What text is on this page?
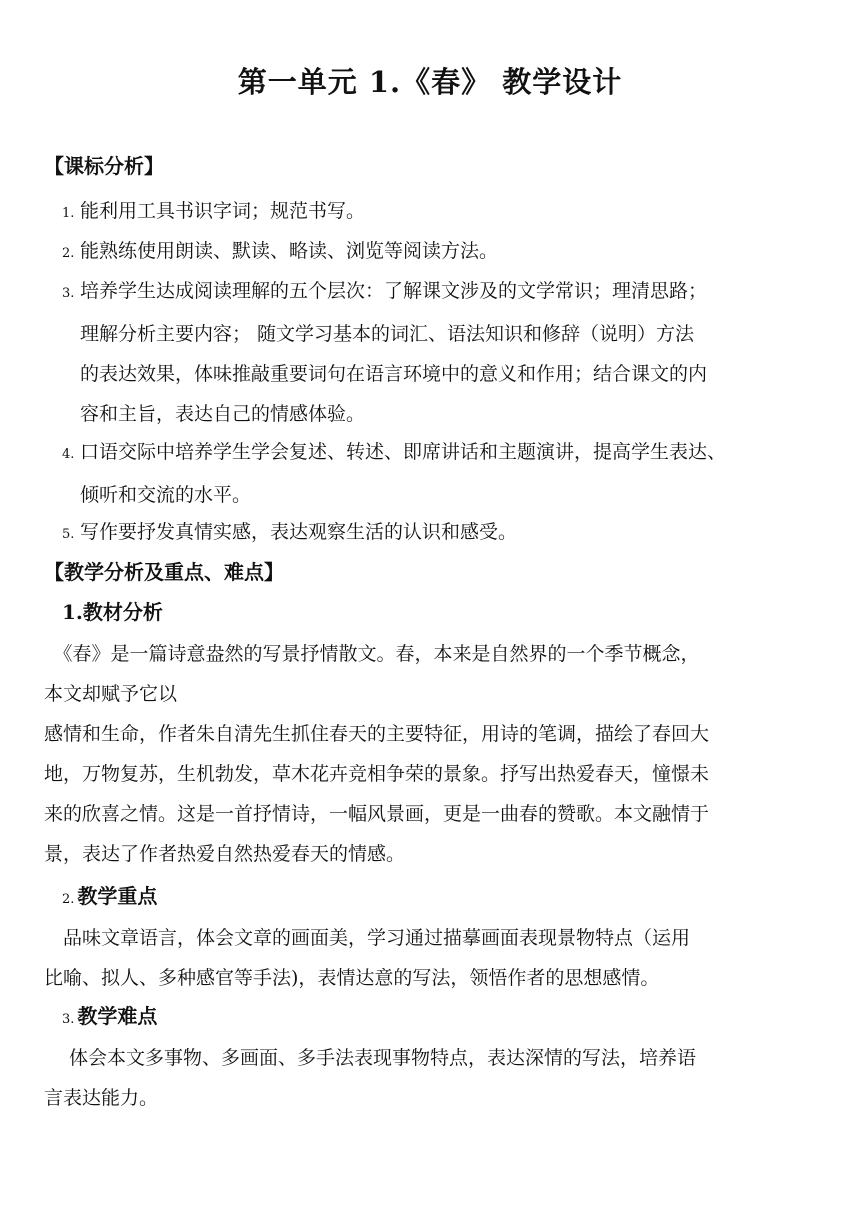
第一单元 1.《春》 教学设计
【课标分析】
1. 能利用工具书识字词；规范书写。
2. 能熟练使用朗读、默读、略读、浏览等阅读方法。
3. 培养学生达成阅读理解的五个层次：了解课文涉及的文学常识；理清思路；
理解分析主要内容； 随文学习基本的词汇、语法知识和修辞（说明）方法
的表达效果，体味推敲重要词句在语言环境中的意义和作用；结合课文的内
容和主旨，表达自己的情感体验。
4. 口语交际中培养学生学会复述、转述、即席讲话和主题演讲，提高学生表达、
倾听和交流的水平。
5. 写作要抒发真情实感，表达观察生活的认识和感受。
【教学分析及重点、难点】
1.教材分析
　《春》是一篇诗意盎然的写景抒情散文。春，本来是自然界的一个季节概念，
本文却赋予它以
感情和生命，作者朱自清先生抓住春天的主要特征，用诗的笔调，描绘了春回大
地，万物复苏，生机勃发，草木花卉竞相争荣的景象。抒写出热爱春天，憧憬未
来的欣喜之情。这是一首抒情诗，一幅风景画，更是一曲春的赞歌。本文融情于
景，表达了作者热爱自然热爱春天的情感。
2. 教学重点
　品味文章语言，体会文章的画面美，学习通过描摹画面表现景物特点（运用
比喻、拟人、多种感官等手法)，表情达意的写法，领悟作者的思想感情。
3. 教学难点
　 体会本文多事物、多画面、多手法表现事物特点，表达深情的写法，培养语
言表达能力。
